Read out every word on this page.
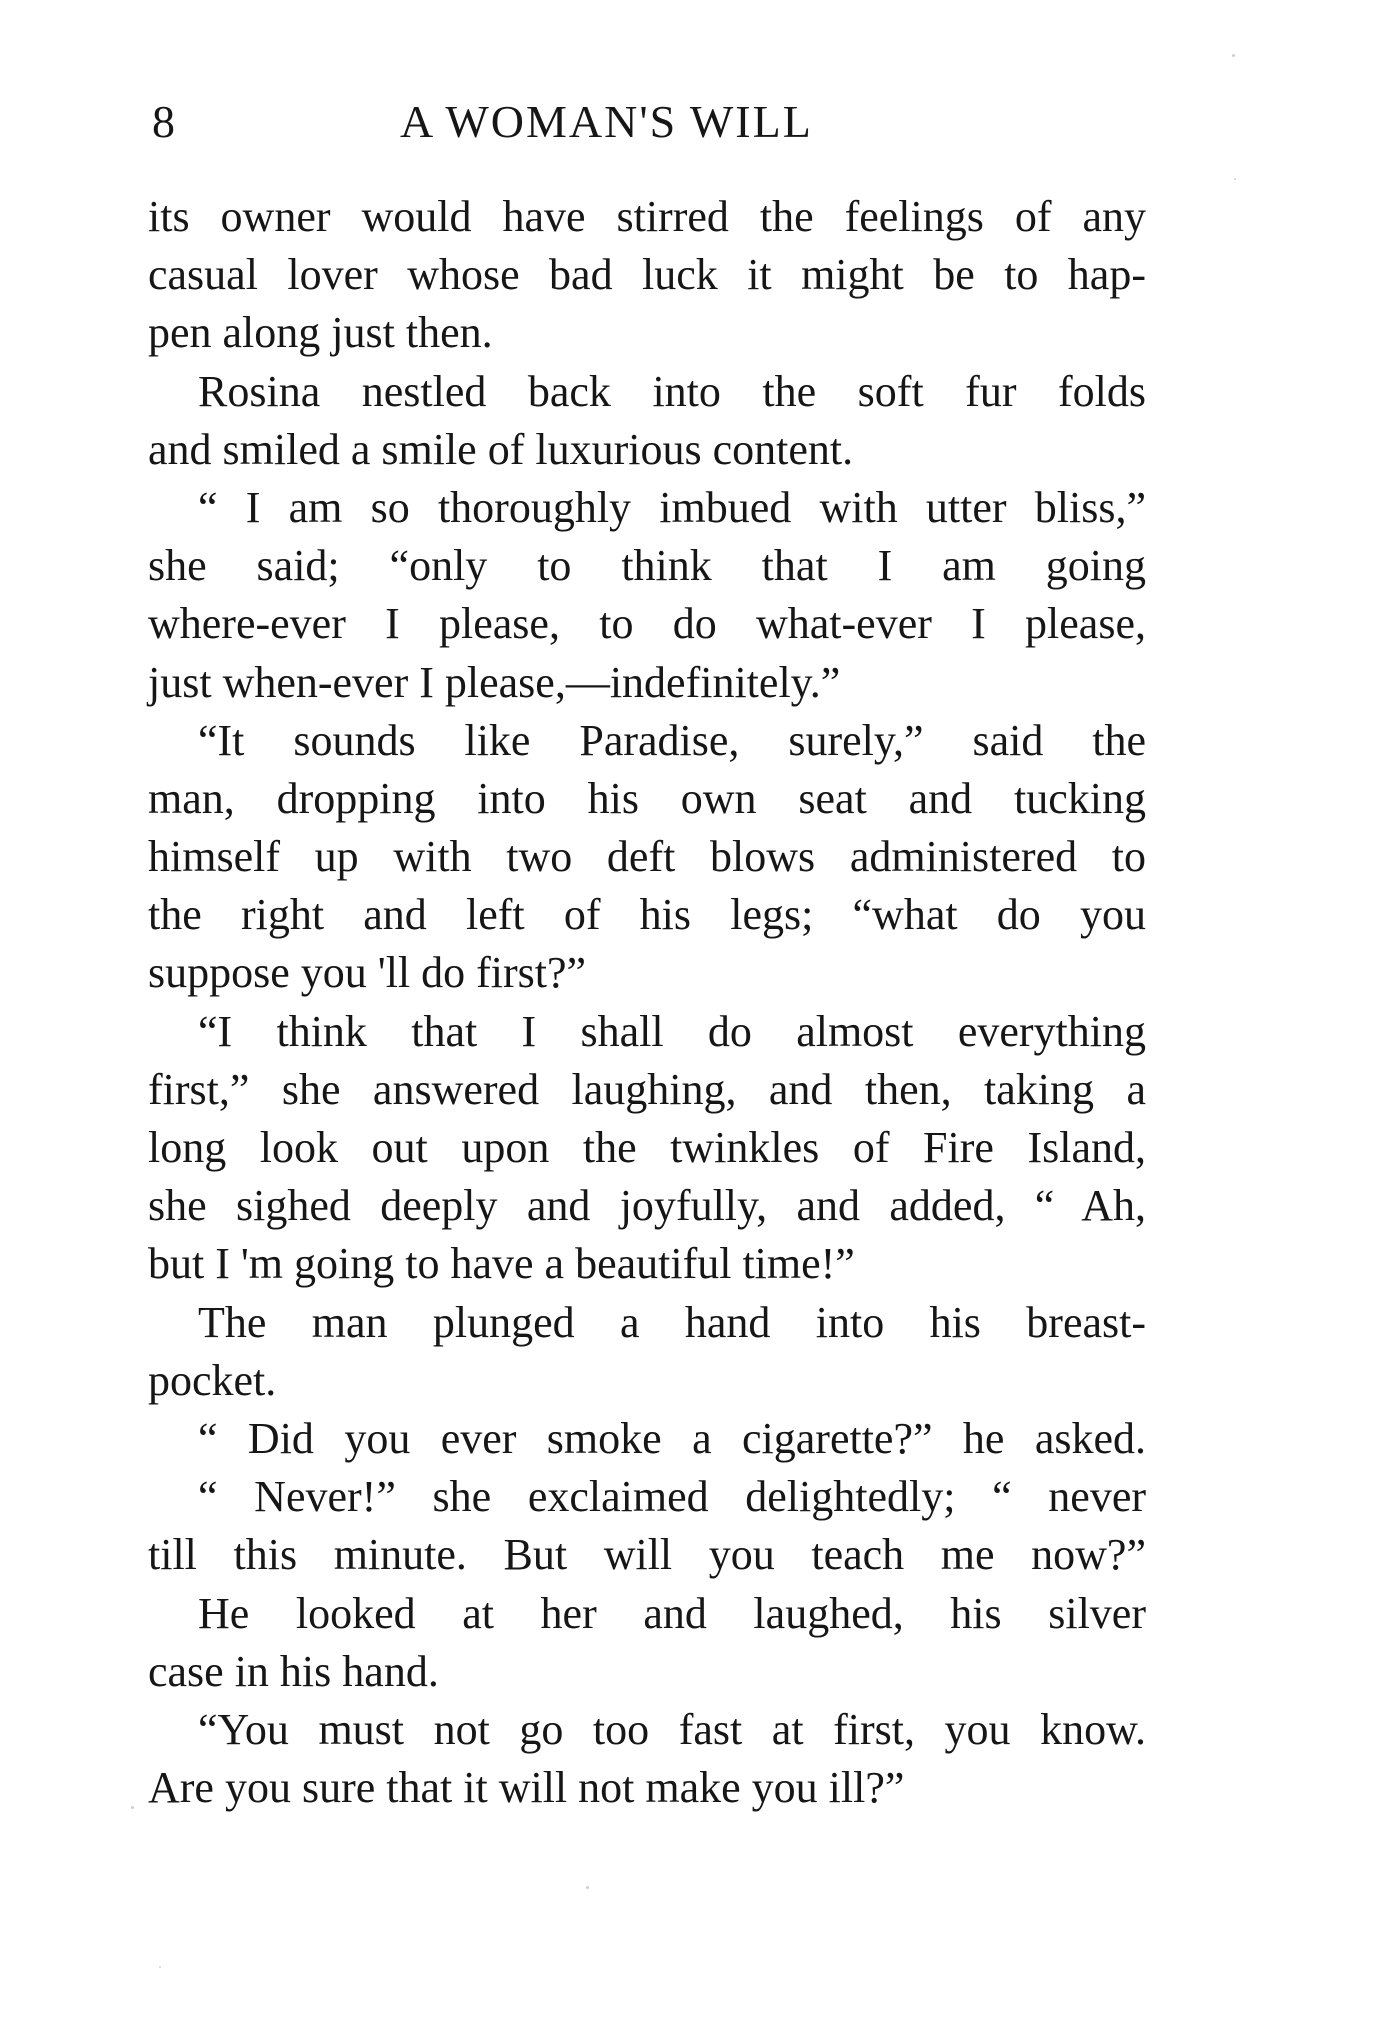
8	A WOMAN'S WILL
its owner would have stirred the feelings of any
casual lover whose bad luck it might be to hap-
pen along just then.
Rosina nestled back into the soft fur folds
and smiled a smile of luxurious content.
“ I am so thoroughly imbued with utter bliss,”
she said; “only to think that I am going
where-ever I please, to do what-ever I please,
just when-ever I please,—indefinitely.”
“It sounds like Paradise, surely,” said the
man, dropping into his own seat and tucking
himself up with two deft blows administered to
the right and left of his legs; “what do you
suppose you 'll do first?”
“I think that I shall do almost everything
first,” she answered laughing, and then, taking a
long look out upon the twinkles of Fire Island,
she sighed deeply and joyfully, and added, “ Ah,
but I 'm going to have a beautiful time!”
The man plunged a hand into his breast-
pocket.
“ Did you ever smoke a cigarette?” he asked.
“ Never!” she exclaimed delightedly; “ never
till this minute. But will you teach me now?”
He looked at her and laughed, his silver
case in his hand.
“You must not go too fast at first, you know.
Are you sure that it will not make you ill?”
